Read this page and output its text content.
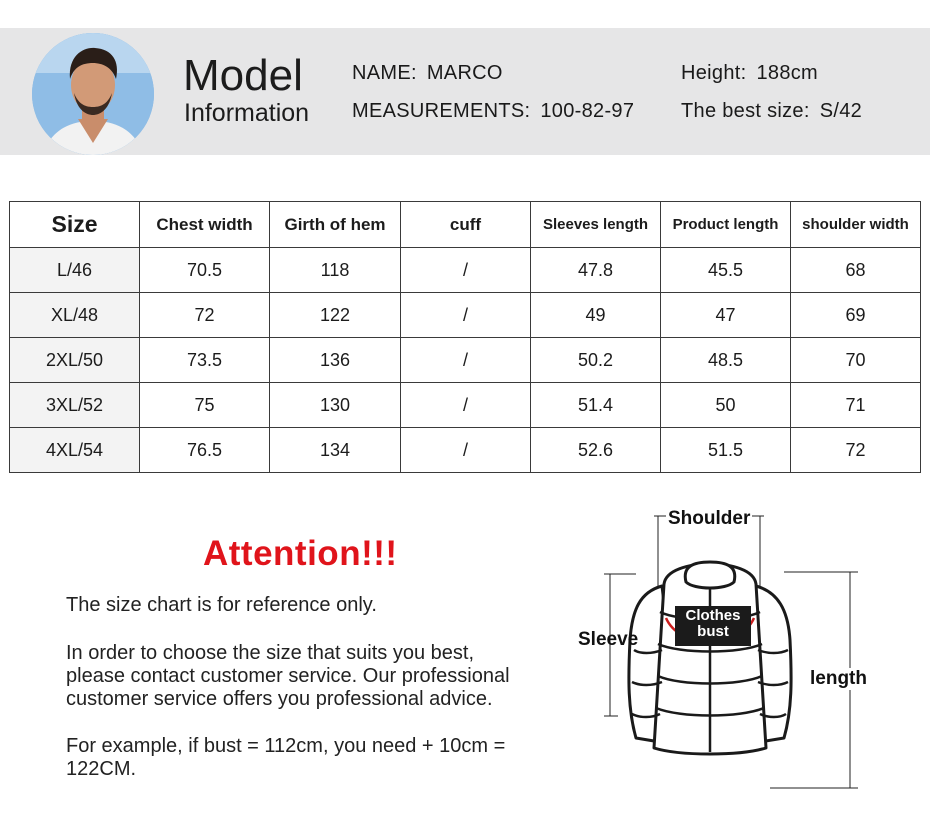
Model
Information
NAME: MARCO
MEASUREMENTS: 100-82-97
Height: 188cm
The best size: S/42
Size	Chest width	Girth of hem	cuff	Sleeves length	Product length	shoulder width
L/46	70.5	118	/	47.8	45.5	68
XL/48	72	122	/	49	47	69
2XL/50	73.5	136	/	50.2	48.5	70
3XL/52	75	130	/	51.4	50	71
4XL/54	76.5	134	/	52.6	51.5	72
Attention!!!
The size chart is for reference only.
In order to choose the size that suits you best, please contact customer service. Our professional customer service offers you professional advice.
For example, if bust = 112cm, you need + 10cm = 122CM.
Shoulder
Sleeve
length
Clothes
bust
